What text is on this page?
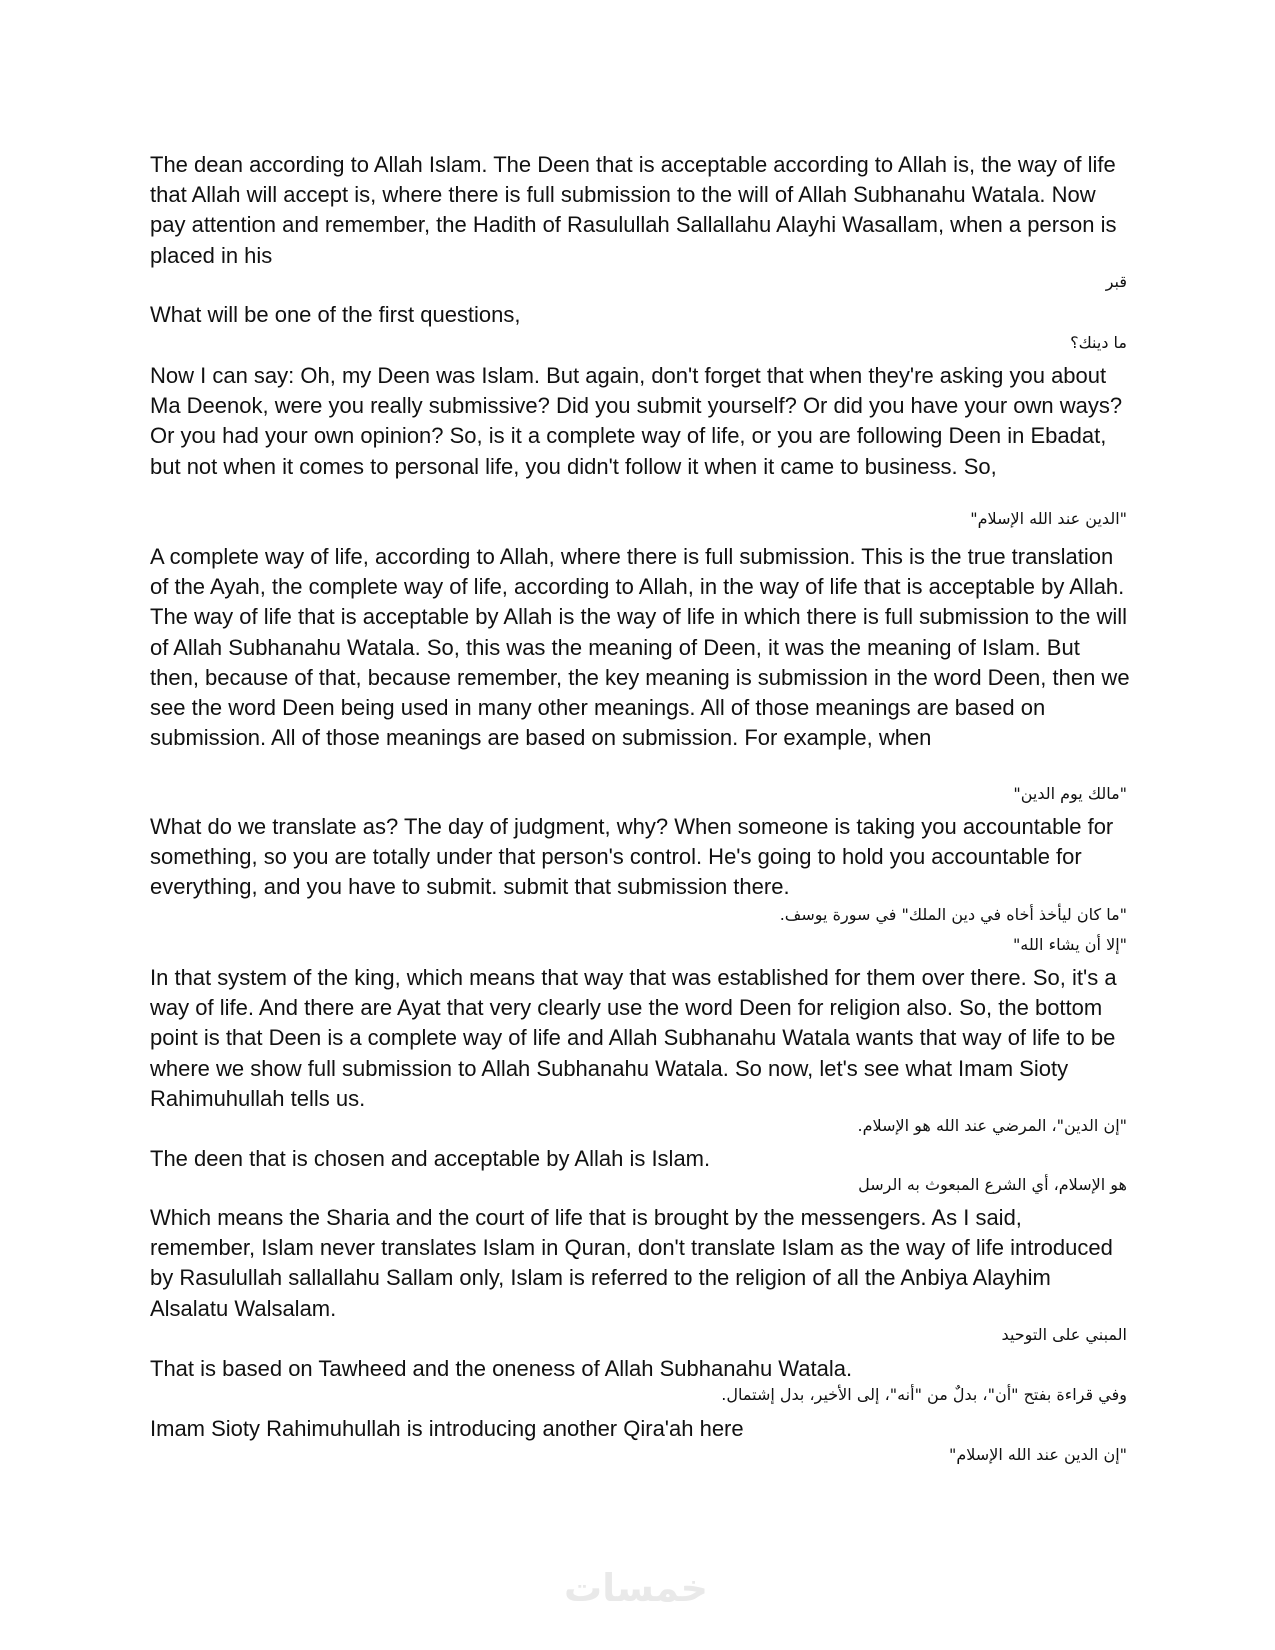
The dean according to Allah Islam. The Deen that is acceptable according to Allah is, the way of life that Allah will accept is, where there is full submission to the will of Allah Subhanahu Watala. Now pay attention and remember, the Hadith of Rasulullah Sallallahu Alayhi Wasallam, when a person is placed in his
قبر
What will be one of the first questions,
ما دينك؟
Now I can say: Oh, my Deen was Islam. But again, don't forget that when they're asking you about Ma Deenok, were you really submissive? Did you submit yourself? Or did you have your own ways? Or you had your own opinion? So, is it a complete way of life, or you are following Deen in Ebadat, but not when it comes to personal life, you didn't follow it when it came to business. So,
"الدين عند الله الإسلام"
A complete way of life, according to Allah, where there is full submission. This is the true translation of the Ayah, the complete way of life, according to Allah, in the way of life that is acceptable by Allah. The way of life that is acceptable by Allah is the way of life in which there is full submission to the will of Allah Subhanahu Watala. So, this was the meaning of Deen, it was the meaning of Islam. But then, because of that, because remember, the key meaning is submission in the word Deen, then we see the word Deen being used in many other meanings. All of those meanings are based on submission. All of those meanings are based on submission. For example, when
"مالك يوم الدين"
What do we translate as? The day of judgment, why? When someone is taking you accountable for something, so you are totally under that person's control. He's going to hold you accountable for everything, and you have to submit. submit that submission there.
"ما كان ليأخذ أخاه في دين الملك" في سورة يوسف.
"إلا أن يشاء الله"
In that system of the king, which means that way that was established for them over there. So, it's a way of life. And there are Ayat that very clearly use the word Deen for religion also. So, the bottom point is that Deen is a complete way of life and Allah Subhanahu Watala wants that way of life to be where we show full submission to Allah Subhanahu Watala. So now, let's see what Imam Sioty Rahimuhullah tells us.
"إن الدين"، المرضي عند الله هو الإسلام.
The deen that is chosen and acceptable by Allah is Islam.
هو الإسلام، أي الشرع المبعوث به الرسل
Which means the Sharia and the court of life that is brought by the messengers. As I said, remember, Islam never translates Islam in Quran, don't translate Islam as the way of life introduced by Rasulullah sallallahu Sallam only, Islam is referred to the religion of all the Anbiya Alayhim Alsalatu Walsalam.
المبني على التوحيد
That is based on Tawheed and the oneness of Allah Subhanahu Watala.
وفي قراءة بفتح "أن"، بدلٌ من "أنه"، إلى الأخير، بدل إشتمال.
Imam Sioty Rahimuhullah is introducing another Qira'ah here
"إن الدين عند الله الإسلام"
خمسات
